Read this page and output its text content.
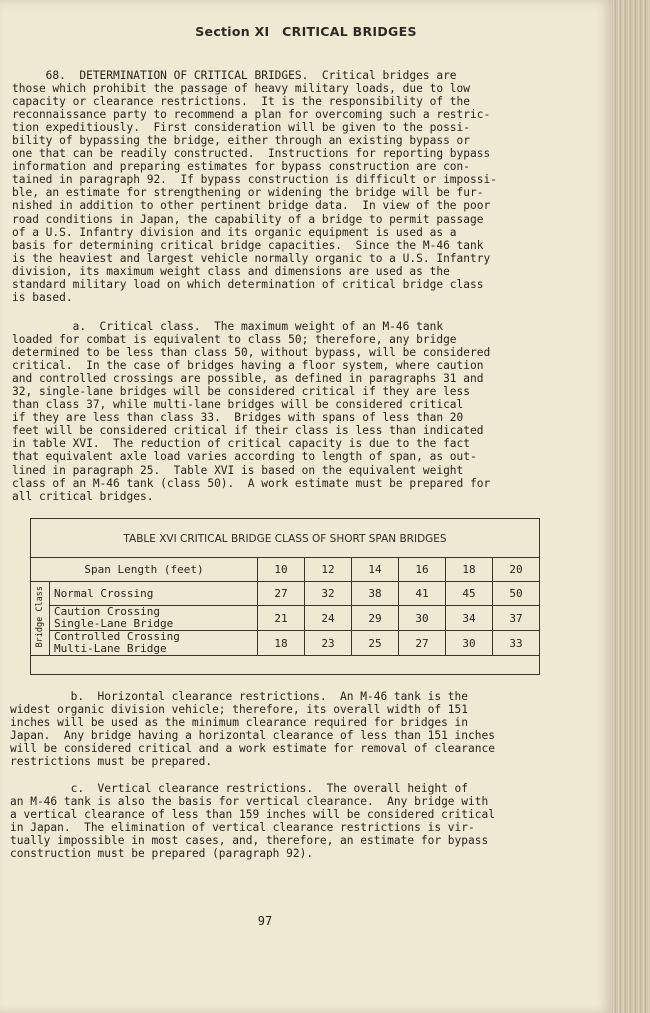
Section XI CRITICAL BRIDGES
68.  DETERMINATION OF CRITICAL BRIDGES.  Critical bridges are
those which prohibit the passage of heavy military loads, due to low
capacity or clearance restrictions.  It is the responsibility of the
reconnaissance party to recommend a plan for overcoming such a restric-
tion expeditiously.  First consideration will be given to the possi-
bility of bypassing the bridge, either through an existing bypass or
one that can be readily constructed.  Instructions for reporting bypass
information and preparing estimates for bypass construction are con-
tained in paragraph 92.  If bypass construction is difficult or impossi-
ble, an estimate for strengthening or widening the bridge will be fur-
nished in addition to other pertinent bridge data.  In view of the poor
road conditions in Japan, the capability of a bridge to permit passage
of a U.S. Infantry division and its organic equipment is used as a
basis for determining critical bridge capacities.  Since the M-46 tank
is the heaviest and largest vehicle normally organic to a U.S. Infantry
division, its maximum weight class and dimensions are used as the
standard military load on which determination of critical bridge class
is based.
a.  Critical class.  The maximum weight of an M-46 tank
loaded for combat is equivalent to class 50; therefore, any bridge
determined to be less than class 50, without bypass, will be considered
critical.  In the case of bridges having a floor system, where caution
and controlled crossings are possible, as defined in paragraphs 31 and
32, single-lane bridges will be considered critical if they are less
than class 37, while multi-lane bridges will be considered critical
if they are less than class 33.  Bridges with spans of less than 20
feet will be considered critical if their class is less than indicated
in table XVI.  The reduction of critical capacity is due to the fact
that equivalent axle load varies according to length of span, as out-
lined in paragraph 25.  Table XVI is based on the equivalent weight
class of an M-46 tank (class 50).  A work estimate must be prepared for
all critical bridges.
TABLE XVI CRITICAL BRIDGE CLASS OF SHORT SPAN BRIDGES
Span Length (feet)		10	12	14	16	18	20
Bridge Class	Normal Crossing	27	32	38	41	45	50

	Caution Crossing
Single-Lane Bridge	21	24	29	30	34	37

	Controlled Crossing
Multi-Lane Bridge	18	23	25	27	30	33
b.  Horizontal clearance restrictions.  An M-46 tank is the
widest organic division vehicle; therefore, its overall width of 151
inches will be used as the minimum clearance required for bridges in
Japan.  Any bridge having a horizontal clearance of less than 151 inches
will be considered critical and a work estimate for removal of clearance
restrictions must be prepared.
c.  Vertical clearance restrictions.  The overall height of
an M-46 tank is also the basis for vertical clearance.  Any bridge with
a vertical clearance of less than 159 inches will be considered critical
in Japan.  The elimination of vertical clearance restrictions is vir-
tually impossible in most cases, and, therefore, an estimate for bypass
construction must be prepared (paragraph 92).
97
